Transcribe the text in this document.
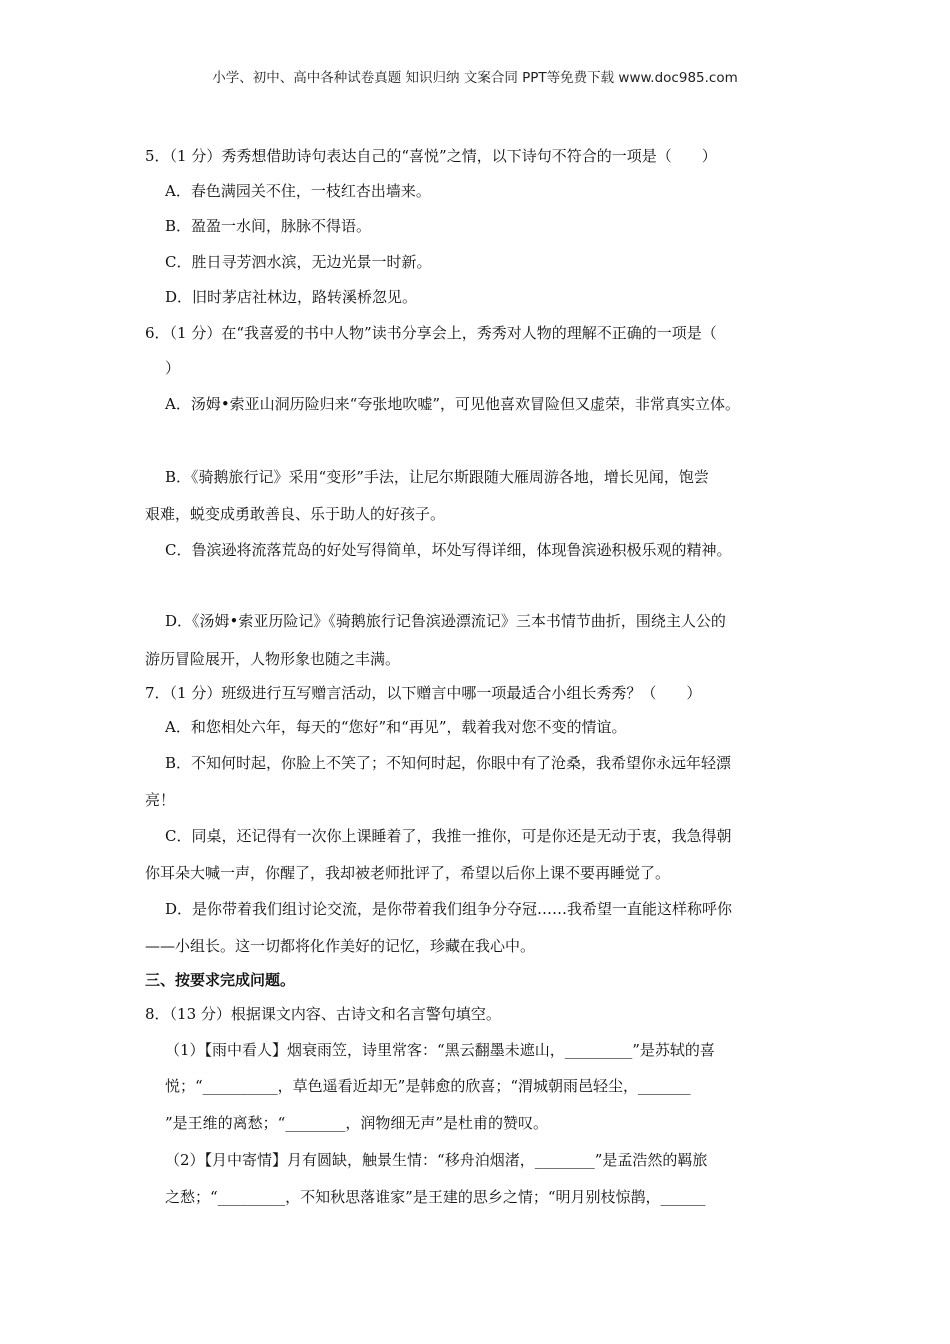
小学、初中、高中各种试卷真题 知识归纳 文案合同 PPT等免费下载 www.doc985.com
5．（1 分）秀秀想借助诗句表达自己的“喜悦”之情，以下诗句不符合的一项是（　　）
A．春色满园关不住，一枝红杏出墙来。
B．盈盈一水间，脉脉不得语。
C．胜日寻芳泗水滨，无边光景一时新。
D．旧时茅店社林边，路转溪桥忽见。
6．（1 分）在“我喜爱的书中人物”读书分享会上，秀秀对人物的理解不正确的一项是（
）
A．汤姆•索亚山洞历险归来“夸张地吹嘘”，可见他喜欢冒险但又虚荣，非常真实立体。
B．《骑鹅旅行记》采用“变形”手法，让尼尔斯跟随大雁周游各地，增长见闻，饱尝
艰难，蜕变成勇敢善良、乐于助人的好孩子。
C．鲁滨逊将流落荒岛的好处写得简单，坏处写得详细，体现鲁滨逊积极乐观的精神。
D．《汤姆•索亚历险记》《骑鹅旅行记鲁滨逊漂流记》三本书情节曲折，围绕主人公的
游历冒险展开，人物形象也随之丰满。
7．（1 分）班级进行互写赠言活动，以下赠言中哪一项最适合小组长秀秀？（　　）
A．和您相处六年，每天的“您好”和“再见”，载着我对您不变的情谊。
B．不知何时起，你脸上不笑了；不知何时起，你眼中有了沧桑，我希望你永远年轻漂
亮！
C．同桌，还记得有一次你上课睡着了，我推一推你，可是你还是无动于衷，我急得朝
你耳朵大喊一声，你醒了，我却被老师批评了，希望以后你上课不要再睡觉了。
D．是你带着我们组讨论交流，是你带着我们组争分夺冠……我希望一直能这样称呼你
——小组长。这一切都将化作美好的记忆，珍藏在我心中。
三、按要求完成问题。
8．（13 分）根据课文内容、古诗文和名言警句填空。
（1）【雨中看人】烟衰雨笠，诗里常客：“黑云翻墨未遮山，_________”是苏轼的喜
悦；“__________，草色遥看近却无”是韩愈的欣喜；“渭城朝雨邑轻尘，_______
”是王维的离愁；“________，润物细无声”是杜甫的赞叹。
（2）【月中寄情】月有圆缺，触景生情：“移舟泊烟渚，________”是孟浩然的羁旅
之愁；“_________，不知秋思落谁家”是王建的思乡之情；“明月别枝惊鹊，______
